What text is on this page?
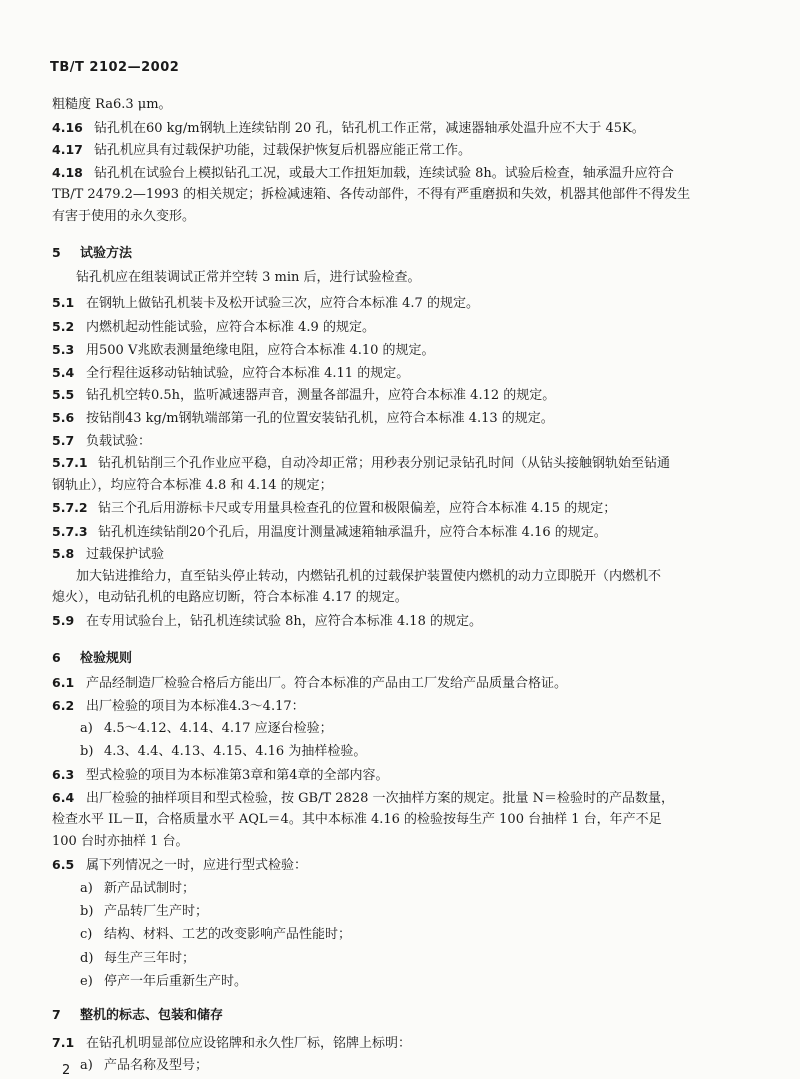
TB/T 2102—2002
粗糙度 Ra6.3 μm。
4.16 钻孔机在60 kg/m钢轨上连续钻削 20 孔，钻孔机工作正常，减速器轴承处温升应不大于 45K。
4.17 钻孔机应具有过载保护功能，过载保护恢复后机器应能正常工作。
4.18 钻孔机在试验台上模拟钻孔工况，或最大工作扭矩加载，连续试验 8h。试验后检查，轴承温升应符合
TB/T 2479.2—1993 的相关规定；拆检减速箱、各传动部件，不得有严重磨损和失效，机器其他部件不得发生
有害于使用的永久变形。
5 试验方法
钻孔机应在组装调试正常并空转 3 min 后，进行试验检查。
5.1 在钢轨上做钻孔机装卡及松开试验三次，应符合本标准 4.7 的规定。
5.2 内燃机起动性能试验，应符合本标准 4.9 的规定。
5.3 用500 V兆欧表测量绝缘电阻，应符合本标准 4.10 的规定。
5.4 全行程往返移动钻轴试验，应符合本标准 4.11 的规定。
5.5 钻孔机空转0.5h，监听减速器声音，测量各部温升，应符合本标准 4.12 的规定。
5.6 按钻削43 kg/m钢轨端部第一孔的位置安装钻孔机，应符合本标准 4.13 的规定。
5.7 负载试验：
5.7.1 钻孔机钻削三个孔作业应平稳，自动冷却正常；用秒表分别记录钻孔时间（从钻头接触钢轨始至钻通
钢轨止），均应符合本标准 4.8 和 4.14 的规定；
5.7.2 钻三个孔后用游标卡尺或专用量具检查孔的位置和极限偏差，应符合本标准 4.15 的规定；
5.7.3 钻孔机连续钻削20个孔后，用温度计测量减速箱轴承温升，应符合本标准 4.16 的规定。
5.8 过载保护试验
加大钻进推给力，直至钻头停止转动，内燃钻孔机的过载保护装置使内燃机的动力立即脱开（内燃机不
熄火），电动钻孔机的电路应切断，符合本标准 4.17 的规定。
5.9 在专用试验台上，钻孔机连续试验 8h，应符合本标准 4.18 的规定。
6 检验规则
6.1 产品经制造厂检验合格后方能出厂。符合本标准的产品由工厂发给产品质量合格证。
6.2 出厂检验的项目为本标准4.3～4.17：
a) 4.5～4.12、4.14、4.17 应逐台检验；
b) 4.3、4.4、4.13、4.15、4.16 为抽样检验。
6.3 型式检验的项目为本标准第3章和第4章的全部内容。
6.4 出厂检验的抽样项目和型式检验，按 GB/T 2828 一次抽样方案的规定。批量 N＝检验时的产品数量，
检查水平 IL－Ⅱ，合格质量水平 AQL＝4。其中本标准 4.16 的检验按每生产 100 台抽样 1 台，年产不足
100 台时亦抽样 1 台。
6.5 属下列情况之一时，应进行型式检验：
a) 新产品试制时；
b) 产品转厂生产时；
c) 结构、材料、工艺的改变影响产品性能时；
d) 每生产三年时；
e) 停产一年后重新生产时。
7 整机的标志、包装和储存
7.1 在钻孔机明显部位应设铭牌和永久性厂标，铭牌上标明：
a) 产品名称及型号；
2
